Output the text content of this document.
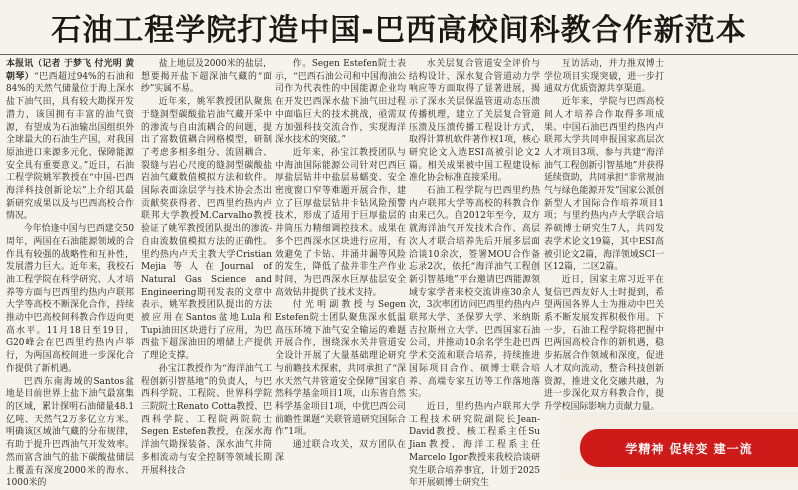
石油工程学院打造中国-巴西高校间科教合作新范本

本报讯（记者 于梦飞 付光明 黄朝琴）“巴西超过94%的石油和84%的天然气储量位于海上深水盐下油气田，具有较大勘探开发潜力，该国拥有丰富的油气资源，有望成为石油输出国组织外全球最大的石油生产国，对我国原油进口来源多元化、保障能源安全具有重要意义。”近日，石油工程学院姚军教授在“中国-巴西海洋科技创新论坛”上介绍其最新研究成果以及与巴西高校合作情况。

今年恰逢中国与巴西建交50周年，两国在石油能源领域的合作具有较强的战略性和互补性，发展潜力巨大。近年来，我校石油工程学院在科学研究、人才培养等方面与巴西里约热内卢联邦大学等高校不断深化合作，持续推动中巴高校间科教合作迈向更高水平。11月18日至19日，G20峰会在巴西里约热内卢举行，为两国高校间进一步深化合作提供了新机遇。

巴西东南海域的Santos盆地是目前世界上盐下油气最富集的区域，累计探明石油储量48.1亿吨、天然气2万多亿立方米。明确该区域油气藏的分布规律，有助于提升巴西油气开发效率。然而富含油气的盐下碳酸盐储层上覆盖有深度2000米的海水、1000米的

盐上地层及2000米的盐层，想要揭开盐下超深油气藏的“面纱”实属不易。

近年来，姚军教授团队聚焦于缝洞型碳酸盐岩油气藏开采中的渗流与自由流耦合的问题，提出了富数值耦合网格模型，研制了考虑多相多组分、流固耦合、裂缝与岩心尺度的缝洞型碳酸盐岩油气藏数值模拟方法和软件。国际表面涂层学与技术协会杰出贡献奖获得者、巴西里约热内卢联邦大学教授M.Carvalho教授验证了姚军教授团队提出的渗流-自由流数值模拟方法的正确性。里约热内卢天主教大学Cristian Mejia等人在Journal of Natural Gas Science and Engineering期刊发表的文章中表示，姚军教授团队提出的方法被应用在Santos盆地Lula和Tupi油田区块进行了应用，为巴西盐下超深油田的增储上产提供了理论支撑。

孙宝江教授作为“海洋油气工程创新引智基地”的负责人，与巴西科学院、工程院、世界科学院三院院士Renato Cotta教授、巴西科学院、工程院两院院士Segen Estefen教授，在深水海洋油气勘探装备、深水油气井筒多相流动与安全控制等领域长期开展科技合

作。Segen Estefen院士表示，“巴西石油公司和中国海油公司作为代表性的中国能源企业均在开发巴西深水盐下油气田过程中面临巨大的技术挑战，亟需双方加强科技交流合作，实现海洋深水技术的突破。”

近年来，孙宝江教授团队与中海油国际能源公司针对巴西巨厚盐层钻井中盐层易蠕变、安全密度窗口窄等难题开展合作，建立了巨厚盐层钻井卡钻风险预警技术，形成了适用于巨厚盐层的井筒压力精细调控技术。成果在多个巴西深水区块进行应用，有效避免了卡钻、井涌井漏等风险的发生，降低了盐井非生产作业时间，为巴西深水巨厚盐层安全高效钻井提供了技术支持。

付光明副教授与Segen Estefen院士团队聚焦深水低温高压环境下油气安全输运的难题开展合作，围绕深水关井管道安全设计开展了大量基础理论研究与前瞻技术探索，共同承担了“深水天然气井管道安全保障”国家自然科学基金项目1项，山东省自然科学基金项目1项，中优巴西公司前瞻性课题“关联管道研究国际合作”1项。

通过联合攻关，双方团队在深

水关层复合管道安全评价与结构设计、深水复合管道动力学响应等方面取得了显著进展，揭示了深水关层保温管道动态压溃传播机理，建立了关层复合管道压溃及压溃传播工程设计方式，取得计算机软件著作权1项，核心研究论文入选ESI高被引论文2篇。相关成果被中国工程建设标准化协会标准直接采用。

石油工程学院与巴西里约热内卢联邦大学等高校的科教合作由来已久。自2012年至今，双方就海洋油气开发技术合作、高层次人才联合培养先后开展多层面洽谈10余次，签署MOU合作备忘录2次，依托“海洋油气工程创新引智基地”平台邀请巴西能源领域专家学者来校交流讲座30余人次，3次率团访问巴西里约热内卢联邦大学、圣保罗大学、米纳斯吉拉斯州立大学、巴西国家石油公司，并推动10余名学生赴巴西学术交流和联合培养，持续推进国际项目合作、硕博士联合培养、高端专家互访等工作落地落实。

近日，里约热内卢联邦大学工程技术研究院副院长Jean-David教授、核工程系主任Su Jian教授、海洋工程系主任Marcelo Igor教授来我校洽谈研究生联合培养事宜，计划于2025年开展硕博士研究生

互访活动，并力推双博士学位项目实现突破，进一步打通双方优质资源共享渠道。

近年来，学院与巴西高校间人才培养合作取得多项成果。中国石油巴西里约热内卢联邦大学共同申报国家高层次人才项目3项、参与共建“海洋油气工程创新引智基地”并获得延续资助，共同承担“非常规油气与绿色能源开发”国家公派创新型人才国际合作培养项目1项；与里约热内卢大学联合培养硕博士研究生7人，共同发表学术论文19篇，其中ESI高被引论文2篇，海洋领域SCI一区12篇，二区2篇。

近日，国家主席习近平在复信巴西友好人士时提到，希望两国各界人士为推动中巴关系不断发展发挥积极作用。下一步，石油工程学院将把握中巴两国高校合作的新机遇，稳步拓展合作领域和深度，促进人才双向流动，整合科技创新资源，推进文化交融共融，为进一步深化双方科教合作，提升学校国际影响力贡献力量。

学精神 促转变 建一流
